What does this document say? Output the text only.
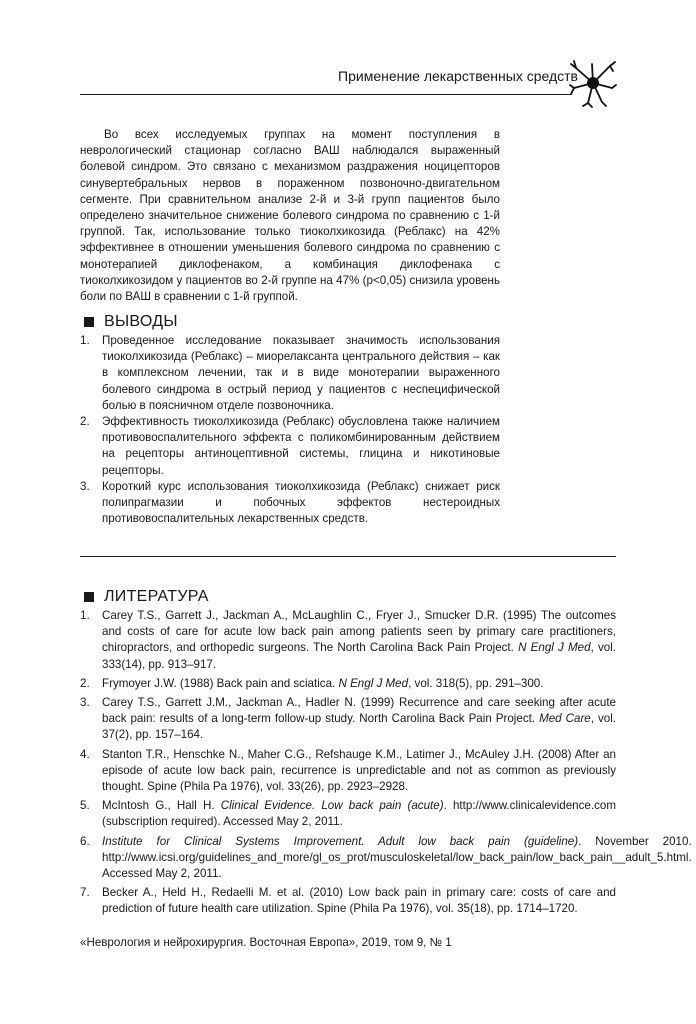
Применение лекарственных средств

Во всех исследуемых группах на момент поступления в неврологический стационар согласно ВАШ наблюдался выраженный болевой синдром. Это связано с механизмом раздражения ноцицепторов синувертебральных нервов в пораженном позвоночно-двигательном сегменте. При сравнительном анализе 2-й и 3-й групп пациентов было определено значительное снижение болевого синдрома по сравнению с 1-й группой. Так, использование только тиоколхикозида (Реблакс) на 42% эффективнее в отношении уменьшения болевого синдрома по сравнению с монотерапией диклофенаком, а комбинация диклофенака с тиоколхикозидом у пациентов во 2-й группе на 47% (р<0,05) снизила уровень боли по ВАШ в сравнении с 1-й группой.

ВЫВОДЫ
1.	Проведенное исследование показывает значимость использования тиоколхикозида (Реблакс) – миорелаксанта центрального действия – как в комплексном лечении, так и в виде монотерапии выраженного болевого синдрома в острый период у пациентов с неспецифической болью в поясничном отделе позвоночника.
2.	Эффективность тиоколхикозида (Реблакс) обусловлена также наличием противовоспалительного эффекта с поликомбинированным действием на рецепторы антиноцептивной системы, глицина и никотиновые рецепторы.
3.	Короткий курс использования тиоколхикозида (Реблакс) снижает риск полипрагмазии и побочных эффектов нестероидных противовоспалительных лекарственных средств.
ЛИТЕРАТУРА
1.	Carey T.S., Garrett J., Jackman A., McLaughlin C., Fryer J., Smucker D.R. (1995) The outcomes and costs of care for acute low back pain among patients seen by primary care practitioners, chiropractors, and orthopedic surgeons. The North Carolina Back Pain Project. N Engl J Med, vol. 333(14), pp. 913–917.
2.	Frymoyer J.W. (1988) Back pain and sciatica. N Engl J Med, vol. 318(5), pp. 291–300.
3.	Carey T.S., Garrett J.M., Jackman A., Hadler N. (1999) Recurrence and care seeking after acute back pain: results of a long-term follow-up study. North Carolina Back Pain Project. Med Care, vol. 37(2), pp. 157–164.
4.	Stanton T.R., Henschke N., Maher C.G., Refshauge K.M., Latimer J., McAuley J.H. (2008) After an episode of acute low back pain, recurrence is unpredictable and not as common as previously thought. Spine (Phila Pa 1976), vol. 33(26), pp. 2923–2928.
5.	McIntosh G., Hall H. Clinical Evidence. Low back pain (acute). http://www.clinicalevidence.com (subscription required). Accessed May 2, 2011.
6.	Institute for Clinical Systems Improvement. Adult low back pain (guideline). November 2010. http://www.icsi.org/guidelines_and_more/gl_os_prot/musculoskeletal/low_back_pain/low_back_pain__adult_5.html. Accessed May 2, 2011.
7.	Becker A., Held H., Redaelli M. et al. (2010) Low back pain in primary care: costs of care and prediction of future health care utilization. Spine (Phila Pa 1976), vol. 35(18), pp. 1714–1720.
«Неврология и нейрохирургия. Восточная Европа», 2019, том 9, № 1
